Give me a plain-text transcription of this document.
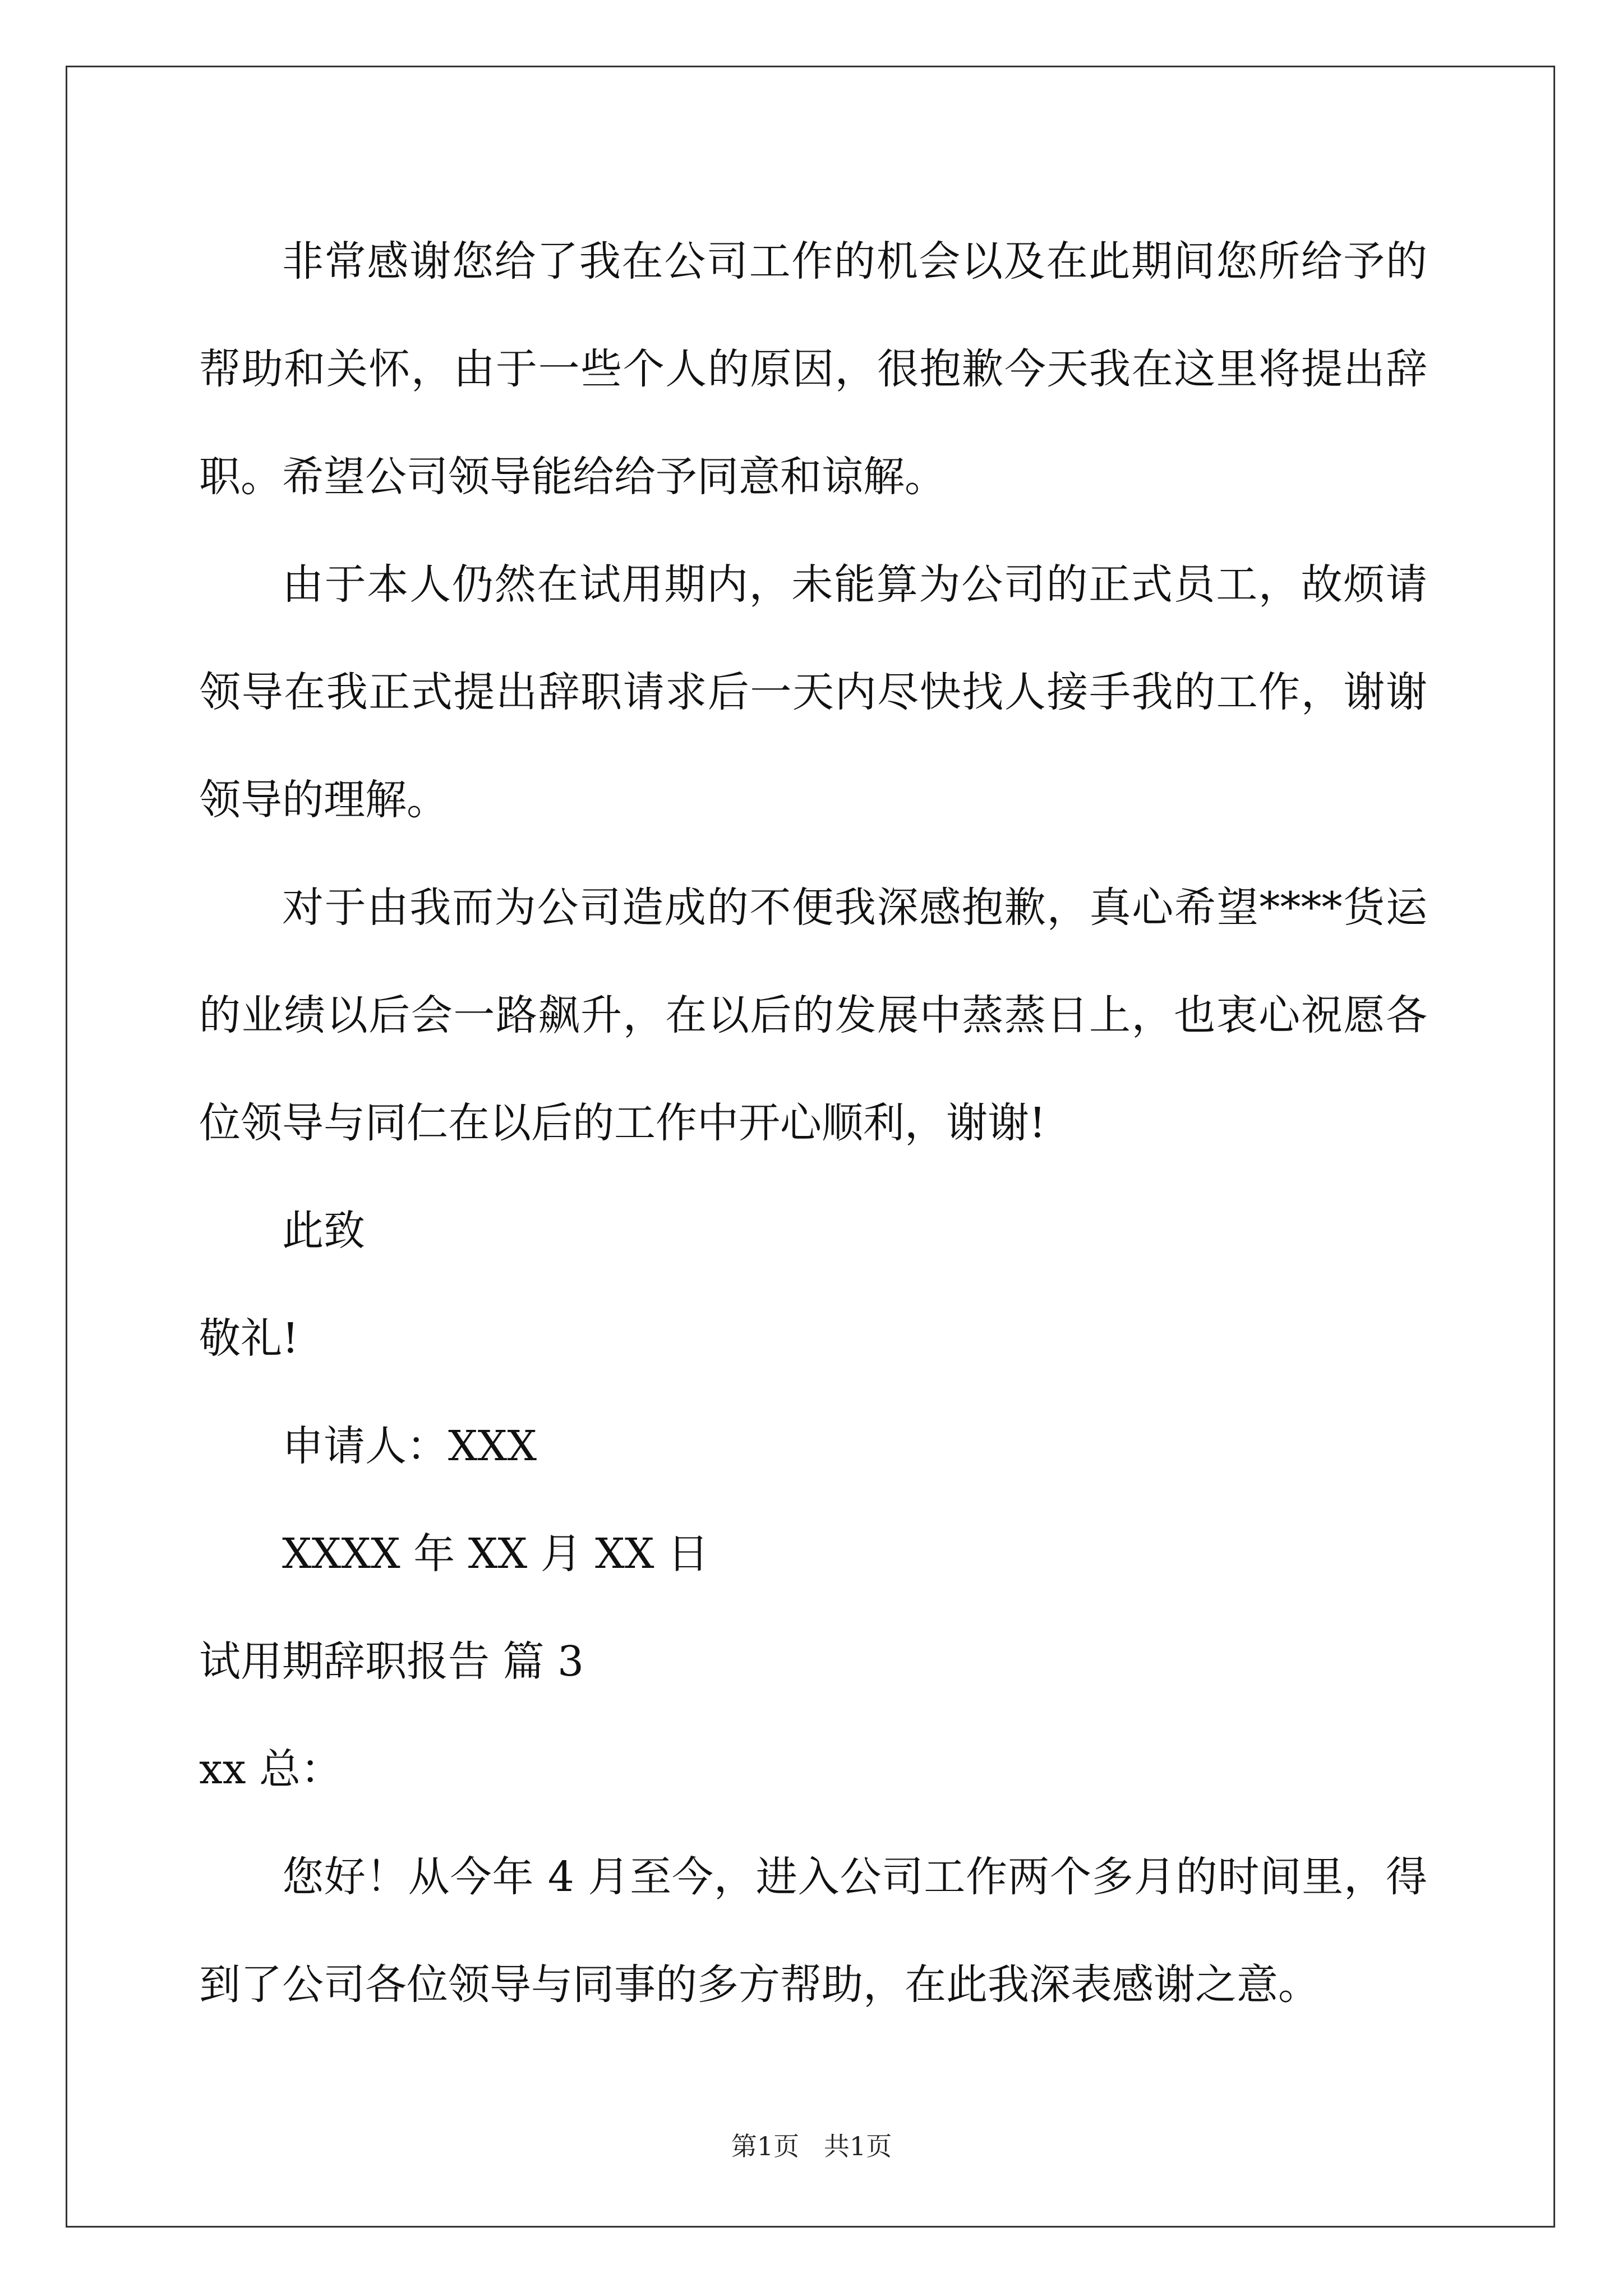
非常感谢您给了我在公司工作的机会以及在此期间您所给予的帮助和关怀，由于一些个人的原因，很抱歉今天我在这里将提出辞职。希望公司领导能给给予同意和谅解。

由于本人仍然在试用期内，未能算为公司的正式员工，故烦请领导在我正式提出辞职请求后一天内尽快找人接手我的工作，谢谢领导的理解。

对于由我而为公司造成的不便我深感抱歉，真心希望****货运的业绩以后会一路飙升，在以后的发展中蒸蒸日上，也衷心祝愿各位领导与同仁在以后的工作中开心顺利，谢谢!

此致

敬礼!

申请人：XXX

XXXX 年 XX 月 XX 日

试用期辞职报告 篇 3

xx 总：

您好！从今年 4 月至今，进入公司工作两个多月的时间里，得到了公司各位领导与同事的多方帮助，在此我深表感谢之意。

第1页   共1页
